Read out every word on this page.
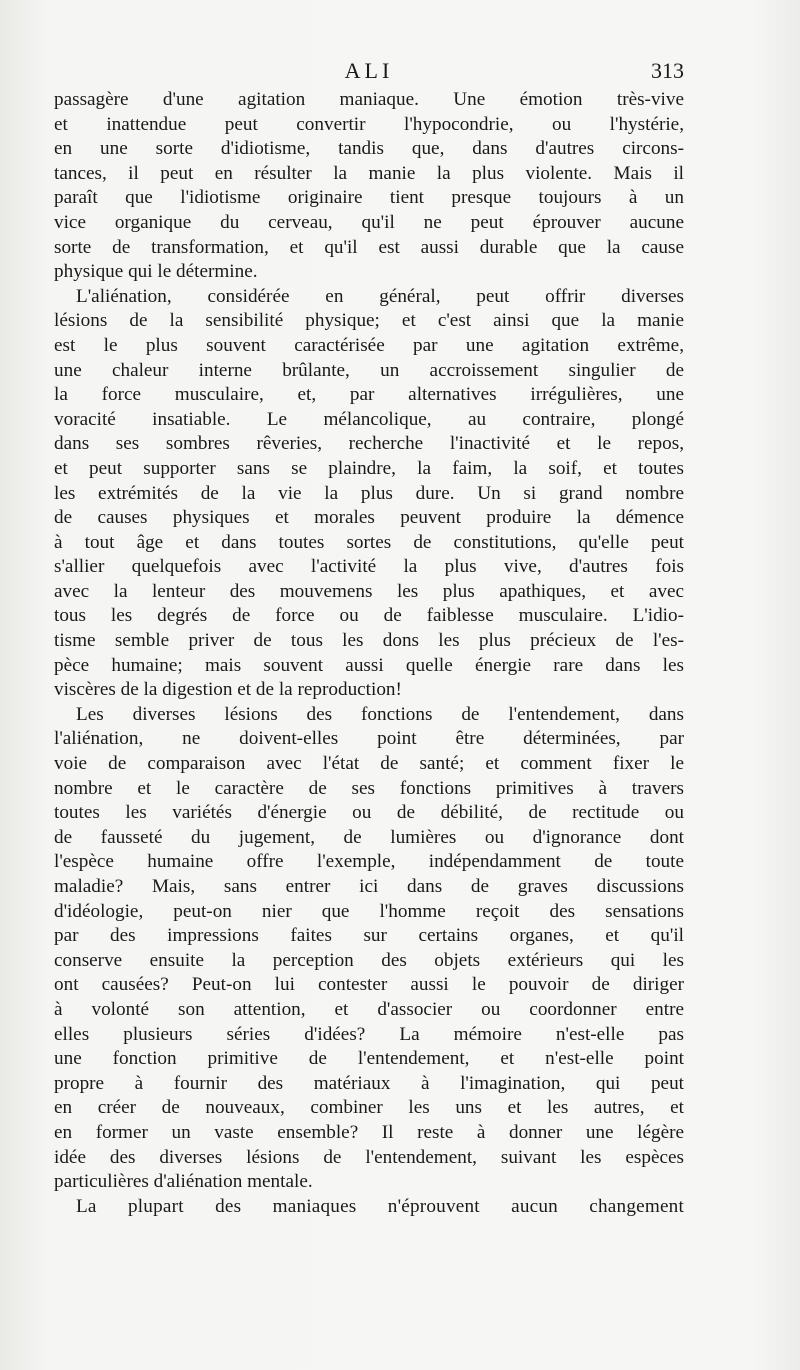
ALI	313
passagère d'une agitation maniaque. Une émotion très-vive
et inattendue peut convertir l'hypocondrie, ou l'hystérie,
en une sorte d'idiotisme, tandis que, dans d'autres circons-
tances, il peut en résulter la manie la plus violente. Mais il
paraît que l'idiotisme originaire tient presque toujours à un
vice organique du cerveau, qu'il ne peut éprouver aucune
sorte de transformation, et qu'il est aussi durable que la cause
physique qui le détermine.
L'aliénation, considérée en général, peut offrir diverses
lésions de la sensibilité physique; et c'est ainsi que la manie
est le plus souvent caractérisée par une agitation extrême,
une chaleur interne brûlante, un accroissement singulier de
la force musculaire, et, par alternatives irrégulières, une
voracité insatiable. Le mélancolique, au contraire, plongé
dans ses sombres rêveries, recherche l'inactivité et le repos,
et peut supporter sans se plaindre, la faim, la soif, et toutes
les extrémités de la vie la plus dure. Un si grand nombre
de causes physiques et morales peuvent produire la démence
à tout âge et dans toutes sortes de constitutions, qu'elle peut
s'allier quelquefois avec l'activité la plus vive, d'autres fois
avec la lenteur des mouvemens les plus apathiques, et avec
tous les degrés de force ou de faiblesse musculaire. L'idio-
tisme semble priver de tous les dons les plus précieux de l'es-
pèce humaine; mais souvent aussi quelle énergie rare dans les
viscères de la digestion et de la reproduction!
Les diverses lésions des fonctions de l'entendement, dans
l'aliénation, ne doivent-elles point être déterminées, par
voie de comparaison avec l'état de santé; et comment fixer le
nombre et le caractère de ses fonctions primitives à travers
toutes les variétés d'énergie ou de débilité, de rectitude ou
de fausseté du jugement, de lumières ou d'ignorance dont
l'espèce humaine offre l'exemple, indépendamment de toute
maladie? Mais, sans entrer ici dans de graves discussions
d'idéologie, peut-on nier que l'homme reçoit des sensations
par des impressions faites sur certains organes, et qu'il
conserve ensuite la perception des objets extérieurs qui les
ont causées? Peut-on lui contester aussi le pouvoir de diriger
à volonté son attention, et d'associer ou coordonner entre
elles plusieurs séries d'idées? La mémoire n'est-elle pas
une fonction primitive de l'entendement, et n'est-elle point
propre à fournir des matériaux à l'imagination, qui peut
en créer de nouveaux, combiner les uns et les autres, et
en former un vaste ensemble? Il reste à donner une légère
idée des diverses lésions de l'entendement, suivant les espèces
particulières d'aliénation mentale.
La plupart des maniaques n'éprouvent aucun changement
